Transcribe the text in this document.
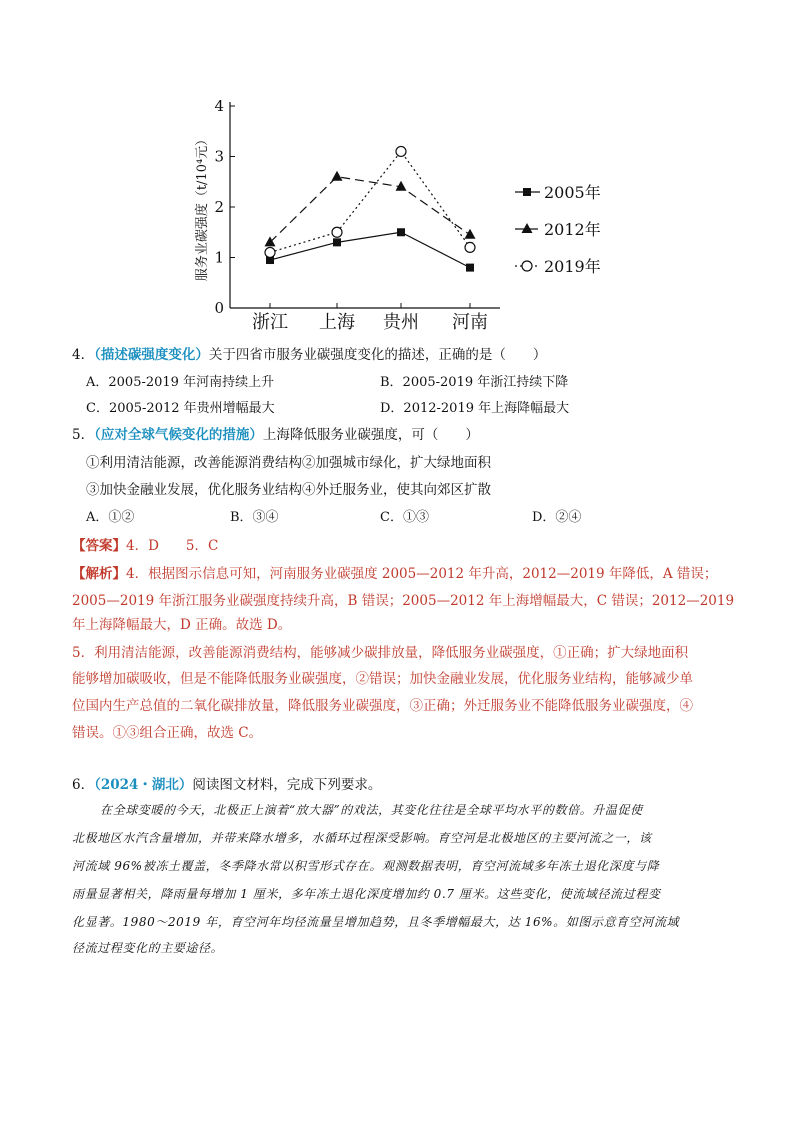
0
1
2
3
4
浙江 上海 贵州 河南
服务业碳强度（t/10⁴元）	2005年
2012年
2019年
4．（描述碳强度变化）关于四省市服务业碳强度变化的描述，正确的是（　　）
A．2005-2019 年河南持续上升	B．2005-2019 年浙江持续下降
C．2005-2012 年贵州增幅最大	D．2012-2019 年上海降幅最大
5．（应对全球气候变化的措施）上海降低服务业碳强度，可（　　）
①利用清洁能源，改善能源消费结构②加强城市绿化，扩大绿地面积
③加快金融业发展，优化服务业结构④外迁服务业，使其向郊区扩散
A．①②	B．③④	C．①③	D．②④
【答案】4．D　　5．C
【解析】4．根据图示信息可知，河南服务业碳强度 2005—2012 年升高，2012—2019 年降低，A 错误；
2005—2019 年浙江服务业碳强度持续升高，B 错误；2005—2012 年上海增幅最大，C 错误；2012—2019
年上海降幅最大，D 正确。故选 D。
5．利用清洁能源，改善能源消费结构，能够减少碳排放量，降低服务业碳强度，①正确；扩大绿地面积
能够增加碳吸收，但是不能降低服务业碳强度，②错误；加快金融业发展，优化服务业结构，能够减少单
位国内生产总值的二氧化碳排放量，降低服务业碳强度，③正确；外迁服务业不能降低服务业碳强度，④
错误。①③组合正确，故选 C。
6．（2024・湖北）阅读图文材料，完成下列要求。
在全球变暖的今天，北极正上演着“放大器”的戏法，其变化往往是全球平均水平的数倍。升温促使
北极地区水汽含量增加，并带来降水增多，水循环过程深受影响。育空河是北极地区的主要河流之一，该
河流域 96%被冻土覆盖，冬季降水常以积雪形式存在。观测数据表明，育空河流域多年冻土退化深度与降
雨量显著相关，降雨量每增加 1 厘米，多年冻土退化深度增加约 0.7 厘米。这些变化，使流域径流过程变
化显著。1980～2019 年，育空河年均径流量呈增加趋势，且冬季增幅最大，达 16%。如图示意育空河流域
径流过程变化的主要途径。
